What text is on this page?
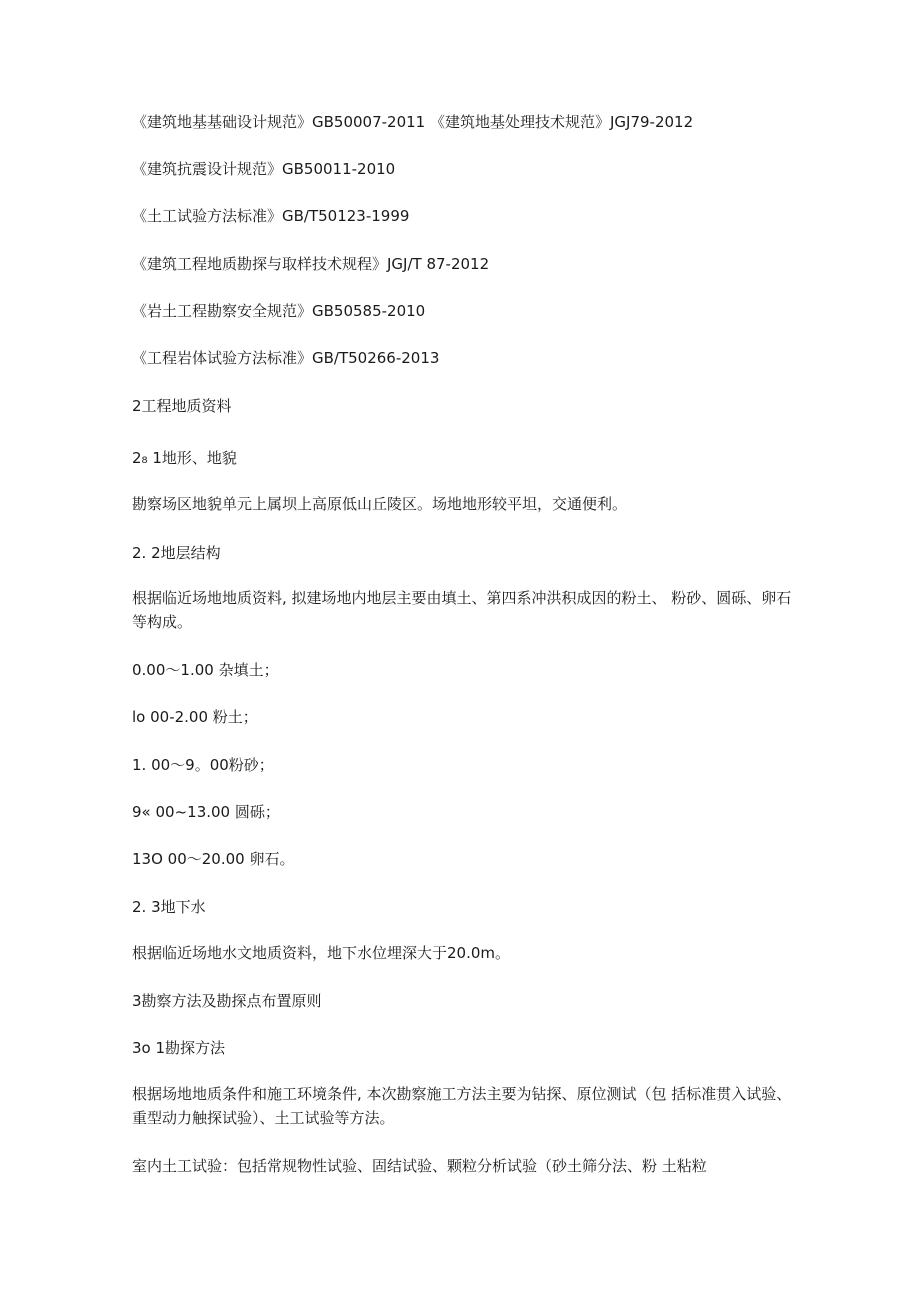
《建筑地基基础设计规范》GB50007-2011 《建筑地基处理技术规范》JGJ79-2012
《建筑抗震设计规范》GB50011-2010
《土工试验方法标准》GB/T50123-1999
《建筑工程地质勘探与取样技术规程》JGJ/T 87-2012
《岩土工程勘察安全规范》GB50585-2010
《工程岩体试验方法标准》GB/T50266-2013
2工程地质资料
2₈ 1地形、地貌
勘察场区地貌单元上属坝上高原低山丘陵区。场地地形较平坦，交通便利。
2. 2地层结构
根据临近场地地质资料, 拟建场地内地层主要由填土、第四系冲洪积成因的粉土、 粉砂、圆砾、卵石等构成。
0.00～1.00 杂填土；
lo 00-2.00 粉土；
1. 00～9。00粉砂；
9« 00~13.00 圆砾；
13O 00～20.00 卵石。
2. 3地下水
根据临近场地水文地质资料，地下水位埋深大于20.0m。
3勘察方法及勘探点布置原则
3o 1勘探方法
根据场地地质条件和施工环境条件, 本次勘察施工方法主要为钻探、原位测试（包 括标准贯入试验、重型动力触探试验）、土工试验等方法。
室内土工试验：包括常规物性试验、固结试验、颗粒分析试验（砂土筛分法、粉 土粘粒
